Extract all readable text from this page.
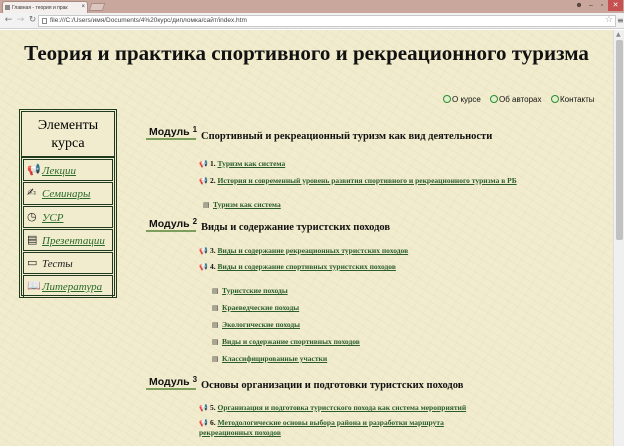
Главная - теория и прак ×	☻ ‒	▫	✕
← → ↻ file:///C:/Users/имя/Documents/4%20курс/дипломка/сайт/index.htm	☆ ≡
Теория и практика спортивного и рекреационного туризма
О курсе	Об авторах	Контакты
Элементы курса
📢 Лекции
✍ Семинары
◷ УСР
▤ Презентации
▭ Тесты
📖 Литература
Модуль $^1$
Спортивный и рекреационный туризм как вид деятельности
📢 1. Туризм как система
📢 2. История и современный уровень развития спортивного и рекреационного туризма в РБ
▤ Туризм как система
Модуль $^2$
Виды и содержание туристских походов
📢 3. Виды и содержание рекреационных туристских походов
📢 4. Виды и содержание спортивных туристских походов
▤ Туристские походы
▤ Краеведческие походы
▤ Экологические походы
▤ Виды и содержание спортивных походов
▤ Классифицированные участки
Модуль $^3$
Основы организации и подготовки туристских походов
📢 5. Организация и подготовка туристского похода как система мероприятий
📢 6. Методологические основы выбора района и разработки маршрута рекреационных походов
▲
